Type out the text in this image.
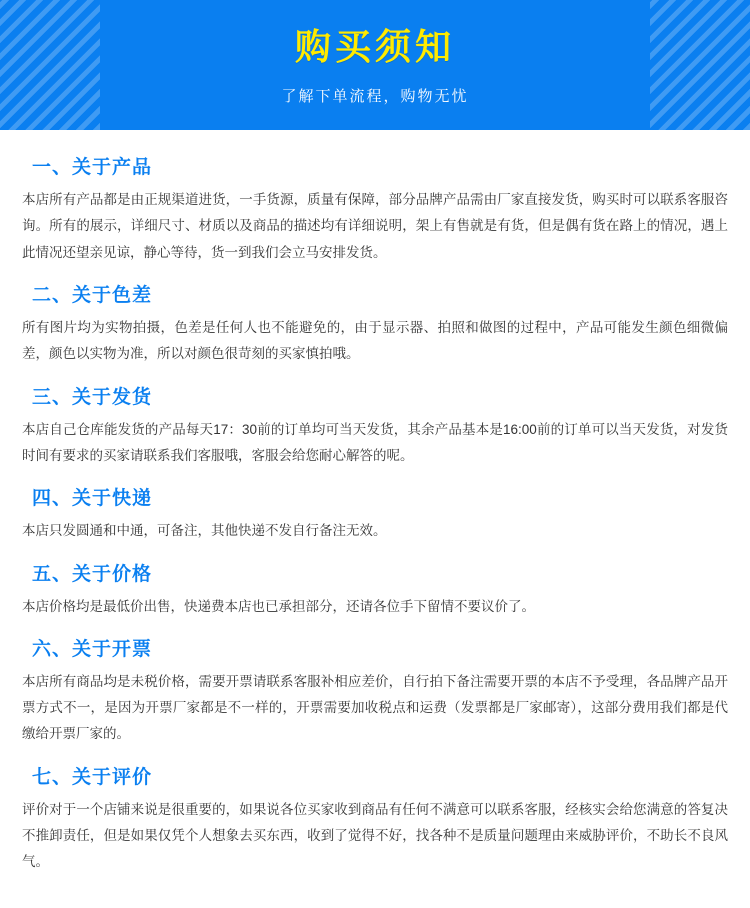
购买须知
了解下单流程，购物无忧
一、关于产品

本店所有产品都是由正规渠道进货，一手货源，质量有保障，部分品牌产品需由厂家直接发货，购买时可以联系客服咨询。所有的展示，详细尺寸、材质以及商品的描述均有详细说明，架上有售就是有货，但是偶有货在路上的情况，遇上此情况还望亲见谅，静心等待，货一到我们会立马安排发货。

二、关于色差

所有图片均为实物拍摄，色差是任何人也不能避免的，由于显示器、拍照和做图的过程中，产品可能发生颜色细微偏差，颜色以实物为准，所以对颜色很苛刻的买家慎拍哦。

三、关于发货

本店自己仓库能发货的产品每天17：30前的订单均可当天发货，其余产品基本是16:00前的订单可以当天发货，对发货时间有要求的买家请联系我们客服哦，客服会给您耐心解答的呢。

四、关于快递

本店只发圆通和中通，可备注，其他快递不发自行备注无效。

五、关于价格

本店价格均是最低价出售，快递费本店也已承担部分，还请各位手下留情不要议价了。

六、关于开票

本店所有商品均是未税价格，需要开票请联系客服补相应差价，自行拍下备注需要开票的本店不予受理，各品牌产品开票方式不一，是因为开票厂家都是不一样的，开票需要加收税点和运费（发票都是厂家邮寄），这部分费用我们都是代缴给开票厂家的。

七、关于评价

评价对于一个店铺来说是很重要的，如果说各位买家收到商品有任何不满意可以联系客服，经核实会给您满意的答复决不推卸责任，但是如果仅凭个人想象去买东西，收到了觉得不好，找各种不是质量问题理由来威胁评价，不助长不良风气。
